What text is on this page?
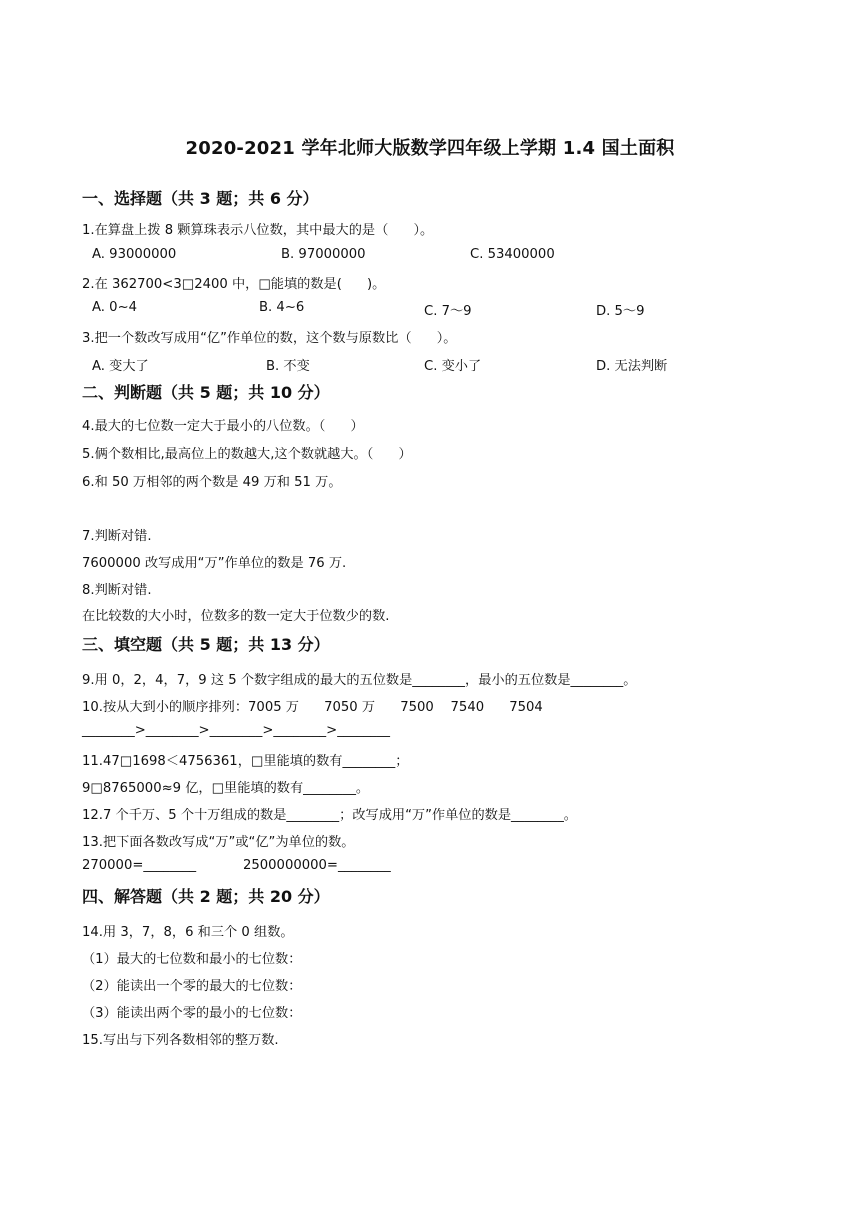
2020-2021 学年北师大版数学四年级上学期 1.4 国土面积
一、选择题（共 3 题；共 6 分）
1.在算盘上拨 8 颗算珠表示八位数，其中最大的是（      ）。
A. 93000000	B. 97000000	C. 53400000
2.在 362700<3□2400 中，□能填的数是(      )。
A. 0~4	B. 4~6	C. 7～9	D. 5～9
3.把一个数改写成用“亿”作单位的数，这个数与原数比（      ）。
A. 变大了	B. 不变	C. 变小了	D. 无法判断
二、判断题（共 5 题；共 10 分）
4.最大的七位数一定大于最小的八位数。（      ）
5.俩个数相比,最高位上的数越大,这个数就越大。（      ）
6.和 50 万相邻的两个数是 49 万和 51 万。
7.判断对错.
7600000 改写成用“万”作单位的数是 76 万.
8.判断对错.
在比较数的大小时，位数多的数一定大于位数少的数.
三、填空题（共 5 题；共 13 分）
9.用 0，2，4，7，9 这 5 个数字组成的最大的五位数是________，最小的五位数是________。
10.按从大到小的顺序排列：7005 万      7050 万      7500    7540      7504
________>________>________>________>________
11.47□1698＜4756361，□里能填的数有________；
9□8765000≈9 亿，□里能填的数有________。
12.7 个千万、5 个十万组成的数是________；改写成用“万”作单位的数是________。
13.把下面各数改写成“万”或“亿”为单位的数。
270000=________	2500000000=________
四、解答题（共 2 题；共 20 分）
14.用 3，7，8，6 和三个 0 组数。
（1）最大的七位数和最小的七位数：
（2）能读出一个零的最大的七位数：
（3）能读出两个零的最小的七位数：
15.写出与下列各数相邻的整万数.
